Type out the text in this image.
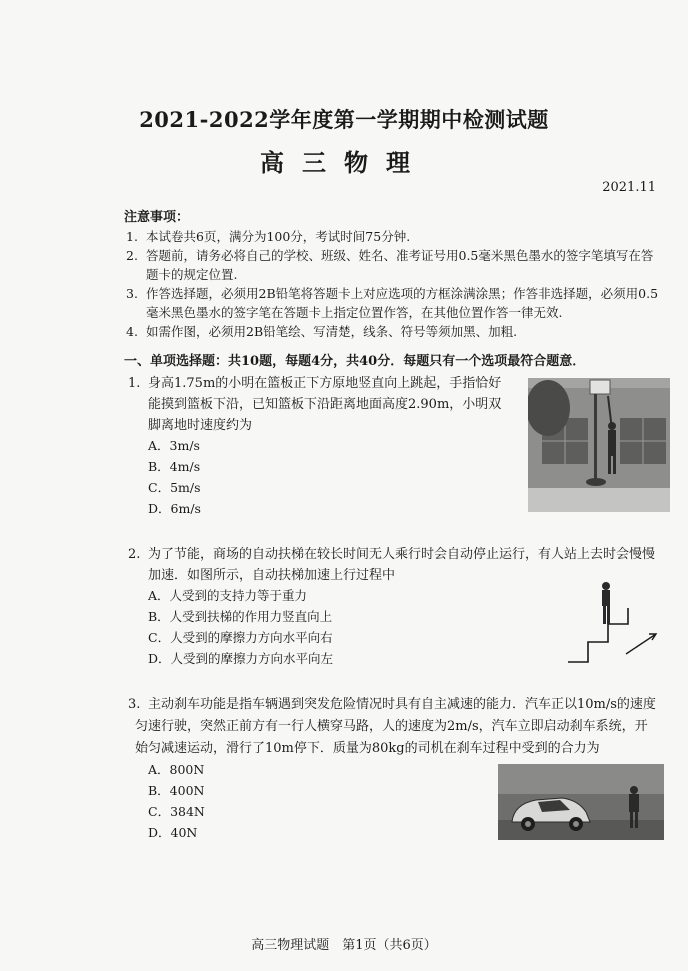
2021-2022学年度第一学期期中检测试题
高三物理
2021.11
注意事项：
1. 本试卷共6页，满分为100分，考试时间75分钟.
2. 答题前，请务必将自己的学校、班级、姓名、准考证号用0.5毫米黑色墨水的签字笔填写在答
题卡的规定位置.
3. 作答选择题，必须用2B铅笔将答题卡上对应选项的方框涂满涂黑；作答非选择题，必须用0.5
毫米黑色墨水的签字笔在答题卡上指定位置作答，在其他位置作答一律无效.
4. 如需作图，必须用2B铅笔绘、写清楚，线条、符号等须加黑、加粗.
一、单项选择题：共10题，每题4分，共40分．每题只有一个选项最符合题意．
1. 身高1.75m的小明在篮板正下方原地竖直向上跳起，手指恰好
能摸到篮板下沿，已知篮板下沿距离地面高度2.90m，小明双
脚离地时速度约为
A．3m/s
B．4m/s
C．5m/s
D．6m/s
2. 为了节能，商场的自动扶梯在较长时间无人乘行时会自动停止运行，有人站上去时会慢慢
加速．如图所示，自动扶梯加速上行过程中
A．人受到的支持力等于重力
B．人受到扶梯的作用力竖直向上
C．人受到的摩擦力方向水平向右
D．人受到的摩擦力方向水平向左
3. 主动刹车功能是指车辆遇到突发危险情况时具有自主减速的能力．汽车正以10m/s的速度
匀速行驶，突然正前方有一行人横穿马路，人的速度为2m/s，汽车立即启动刹车系统，开
始匀减速运动，滑行了10m停下．质量为80kg的司机在刹车过程中受到的合力为
A．800N
B．400N
C．384N
D．40N
高三物理试题　第1页（共6页）
